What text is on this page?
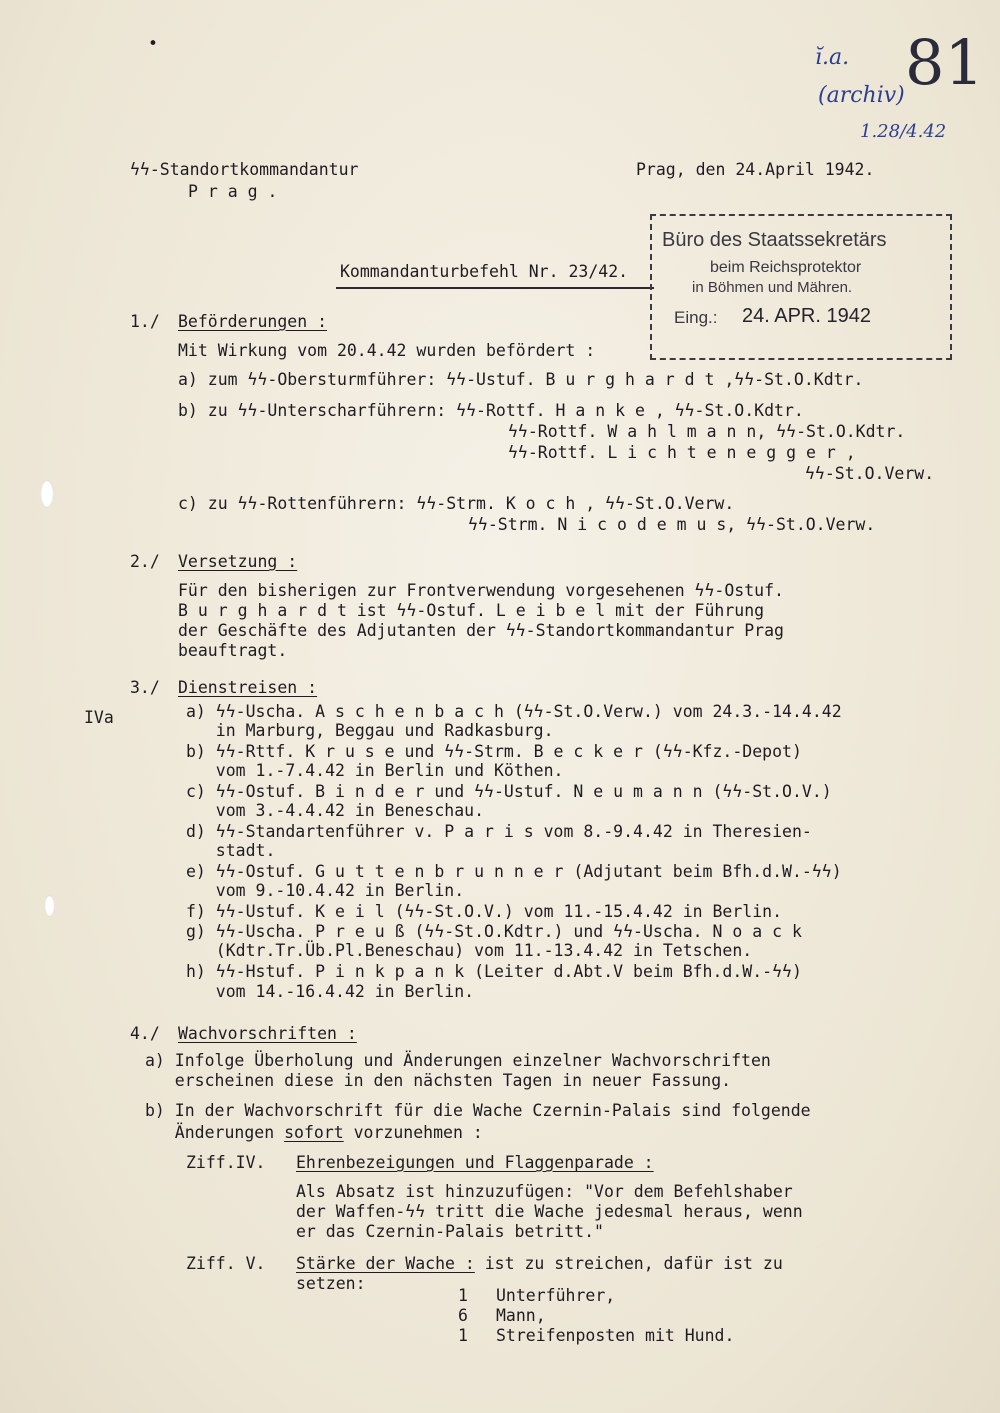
•
ĭ.a.
(archiv)
1.28/4.42
81
IVa
ϟϟ-Standortkommandantur
P r a g .
Prag, den 24.April 1942.
Kommandanturbefehl Nr. 23/42.
Büro des Staatssekretärs
beim Reichsprotektor
in Böhmen und Mähren.
Eing.: 24. APR. 1942
1./ Beförderungen :
Mit Wirkung vom 20.4.42 wurden befördert :
a) zum ϟϟ-Obersturmführer: ϟϟ-Ustuf. B u r g h a r d t ,ϟϟ-St.O.Kdtr.
b) zu ϟϟ-Unterscharführern: ϟϟ-Rottf. H a n k e , ϟϟ-St.O.Kdtr.
ϟϟ-Rottf. W a h l m a n n, ϟϟ-St.O.Kdtr.
ϟϟ-Rottf. L i c h t e n e g g e r ,
ϟϟ-St.O.Verw.
c) zu ϟϟ-Rottenführern: ϟϟ-Strm. K o c h , ϟϟ-St.O.Verw.
ϟϟ-Strm. N i c o d e m u s, ϟϟ-St.O.Verw.
2./ Versetzung :
Für den bisherigen zur Frontverwendung vorgesehenen ϟϟ-Ostuf.
B u r g h a r d t ist ϟϟ-Ostuf. L e i b e l mit der Führung
der Geschäfte des Adjutanten der ϟϟ-Standortkommandantur Prag
beauftragt.
3./ Dienstreisen :
a) ϟϟ-Uscha. A s c h e n b a c h (ϟϟ-St.O.Verw.) vom 24.3.-14.4.42
in Marburg, Beggau und Radkasburg.
b) ϟϟ-Rttf. K r u s e und ϟϟ-Strm. B e c k e r (ϟϟ-Kfz.-Depot)
vom 1.-7.4.42 in Berlin und Köthen.
c) ϟϟ-Ostuf. B i n d e r und ϟϟ-Ustuf. N e u m a n n (ϟϟ-St.O.V.)
vom 3.-4.4.42 in Beneschau.
d) ϟϟ-Standartenführer v. P a r i s vom 8.-9.4.42 in Theresien-
stadt.
e) ϟϟ-Ostuf. G u t t e n b r u n n e r (Adjutant beim Bfh.d.W.-ϟϟ)
vom 9.-10.4.42 in Berlin.
f) ϟϟ-Ustuf. K e i l (ϟϟ-St.O.V.) vom 11.-15.4.42 in Berlin.
g) ϟϟ-Uscha. P r e u ß (ϟϟ-St.O.Kdtr.) und ϟϟ-Uscha. N o a c k
(Kdtr.Tr.Üb.Pl.Beneschau) vom 11.-13.4.42 in Tetschen.
h) ϟϟ-Hstuf. P i n k p a n k (Leiter d.Abt.V beim Bfh.d.W.-ϟϟ)
vom 14.-16.4.42 in Berlin.
4./ Wachvorschriften :
a) Infolge Überholung und Änderungen einzelner Wachvorschriften
erscheinen diese in den nächsten Tagen in neuer Fassung.
b) In der Wachvorschrift für die Wache Czernin-Palais sind folgende
Änderungen sofort vorzunehmen :
Ziff.IV. Ehrenbezeigungen und Flaggenparade :
Als Absatz ist hinzuzufügen: "Vor dem Befehlshaber
der Waffen-ϟϟ tritt die Wache jedesmal heraus, wenn
er das Czernin-Palais betritt."
Ziff. V. Stärke der Wache : ist zu streichen, dafür ist zu
setzen:
1 Unterführer,
6 Mann,
1 Streifenposten mit Hund.
